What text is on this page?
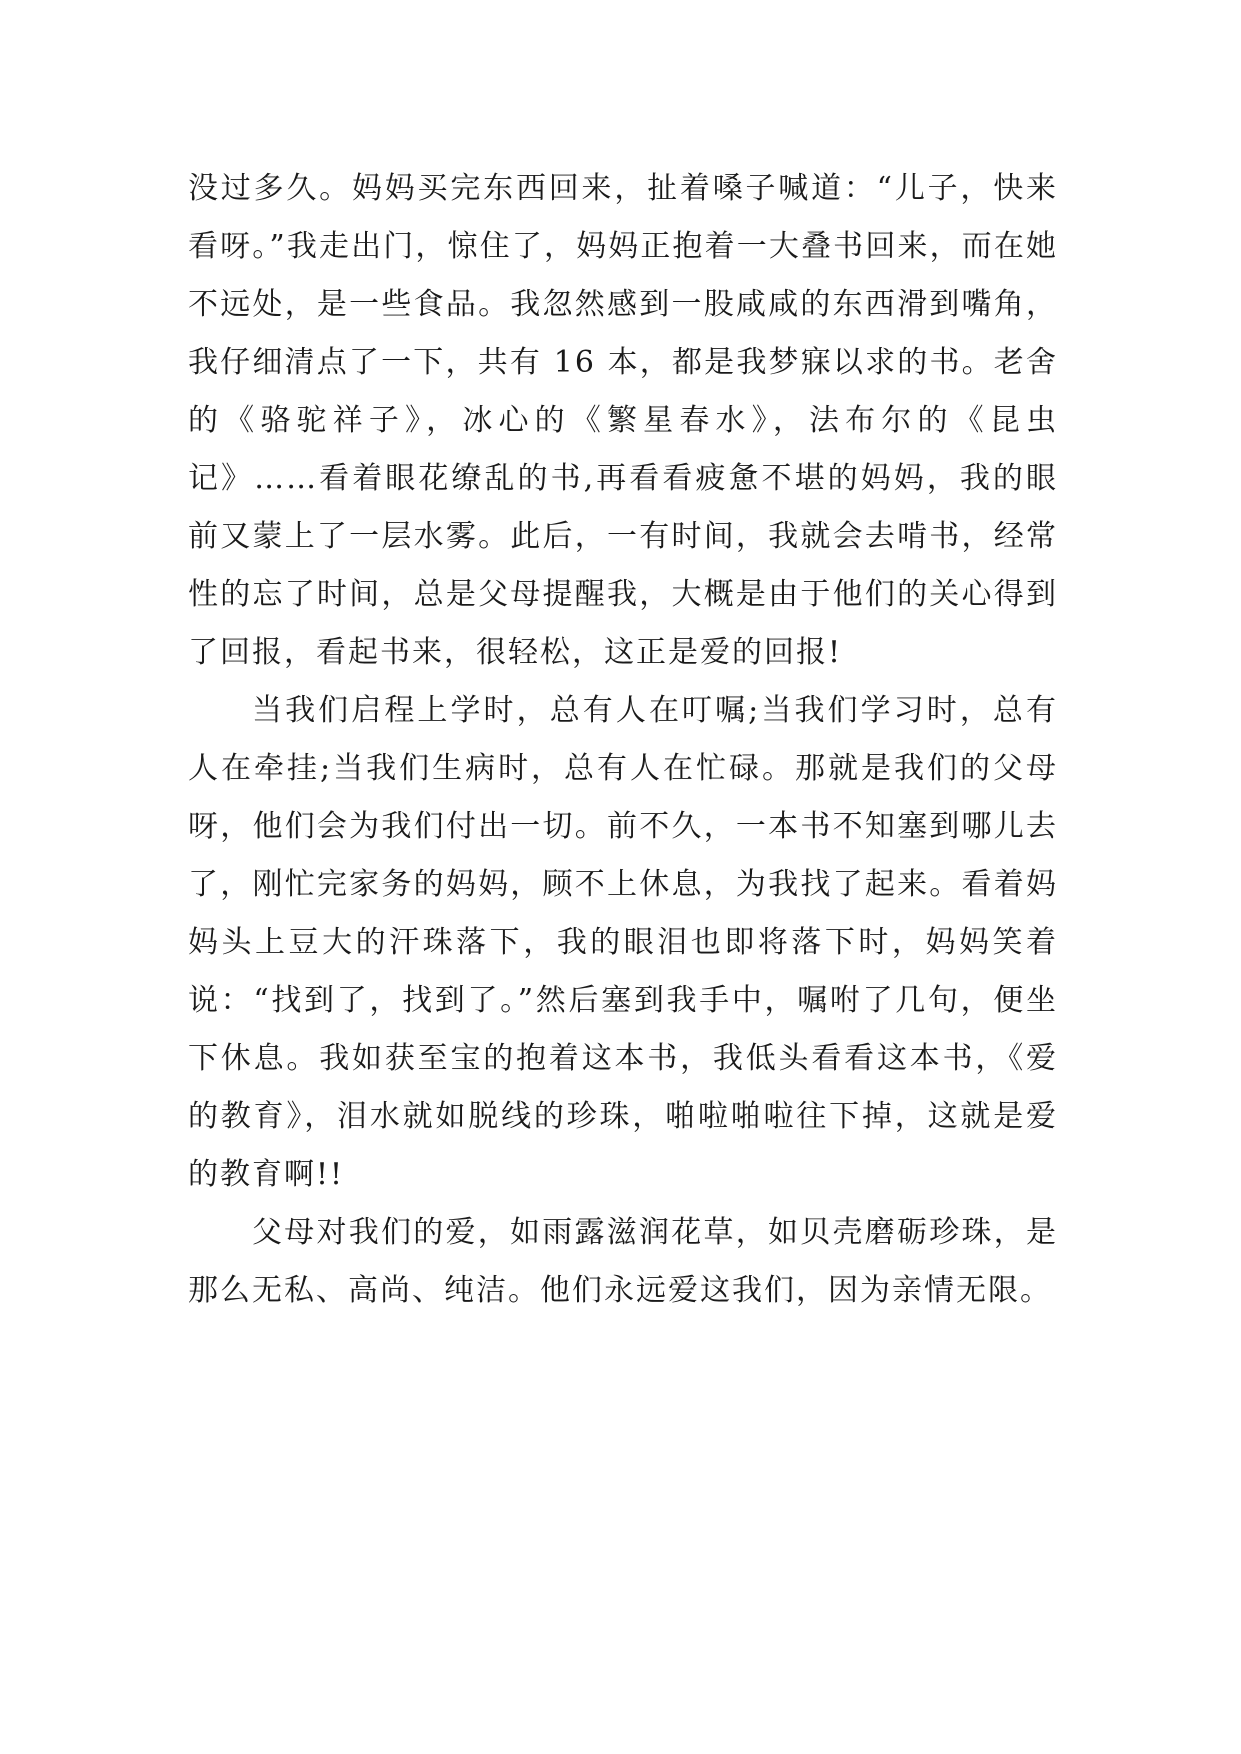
没过多久。妈妈买完东西回来，扯着嗓子喊道：“儿子，快来看呀。”我走出门，惊住了，妈妈正抱着一大叠书回来，而在她不远处，是一些食品。我忽然感到一股咸咸的东西滑到嘴角，我仔细清点了一下，共有 16 本，都是我梦寐以求的书。老舍的《骆驼祥子》，冰心的《繁星春水》，法布尔的《昆虫记》……看着眼花缭乱的书,再看看疲惫不堪的妈妈，我的眼前又蒙上了一层水雾。此后，一有时间，我就会去啃书，经常性的忘了时间，总是父母提醒我，大概是由于他们的关心得到了回报，看起书来，很轻松，这正是爱的回报!

当我们启程上学时，总有人在叮嘱;当我们学习时，总有人在牵挂;当我们生病时，总有人在忙碌。那就是我们的父母呀，他们会为我们付出一切。前不久，一本书不知塞到哪儿去了，刚忙完家务的妈妈，顾不上休息，为我找了起来。看着妈妈头上豆大的汗珠落下，我的眼泪也即将落下时，妈妈笑着说：“找到了，找到了。”然后塞到我手中，嘱咐了几句，便坐下休息。我如获至宝的抱着这本书，我低头看看这本书，《爱的教育》，泪水就如脱线的珍珠，啪啦啪啦往下掉，这就是爱的教育啊!!

父母对我们的爱，如雨露滋润花草，如贝壳磨砺珍珠，是那么无私、高尚、纯洁。他们永远爱这我们，因为亲情无限。
